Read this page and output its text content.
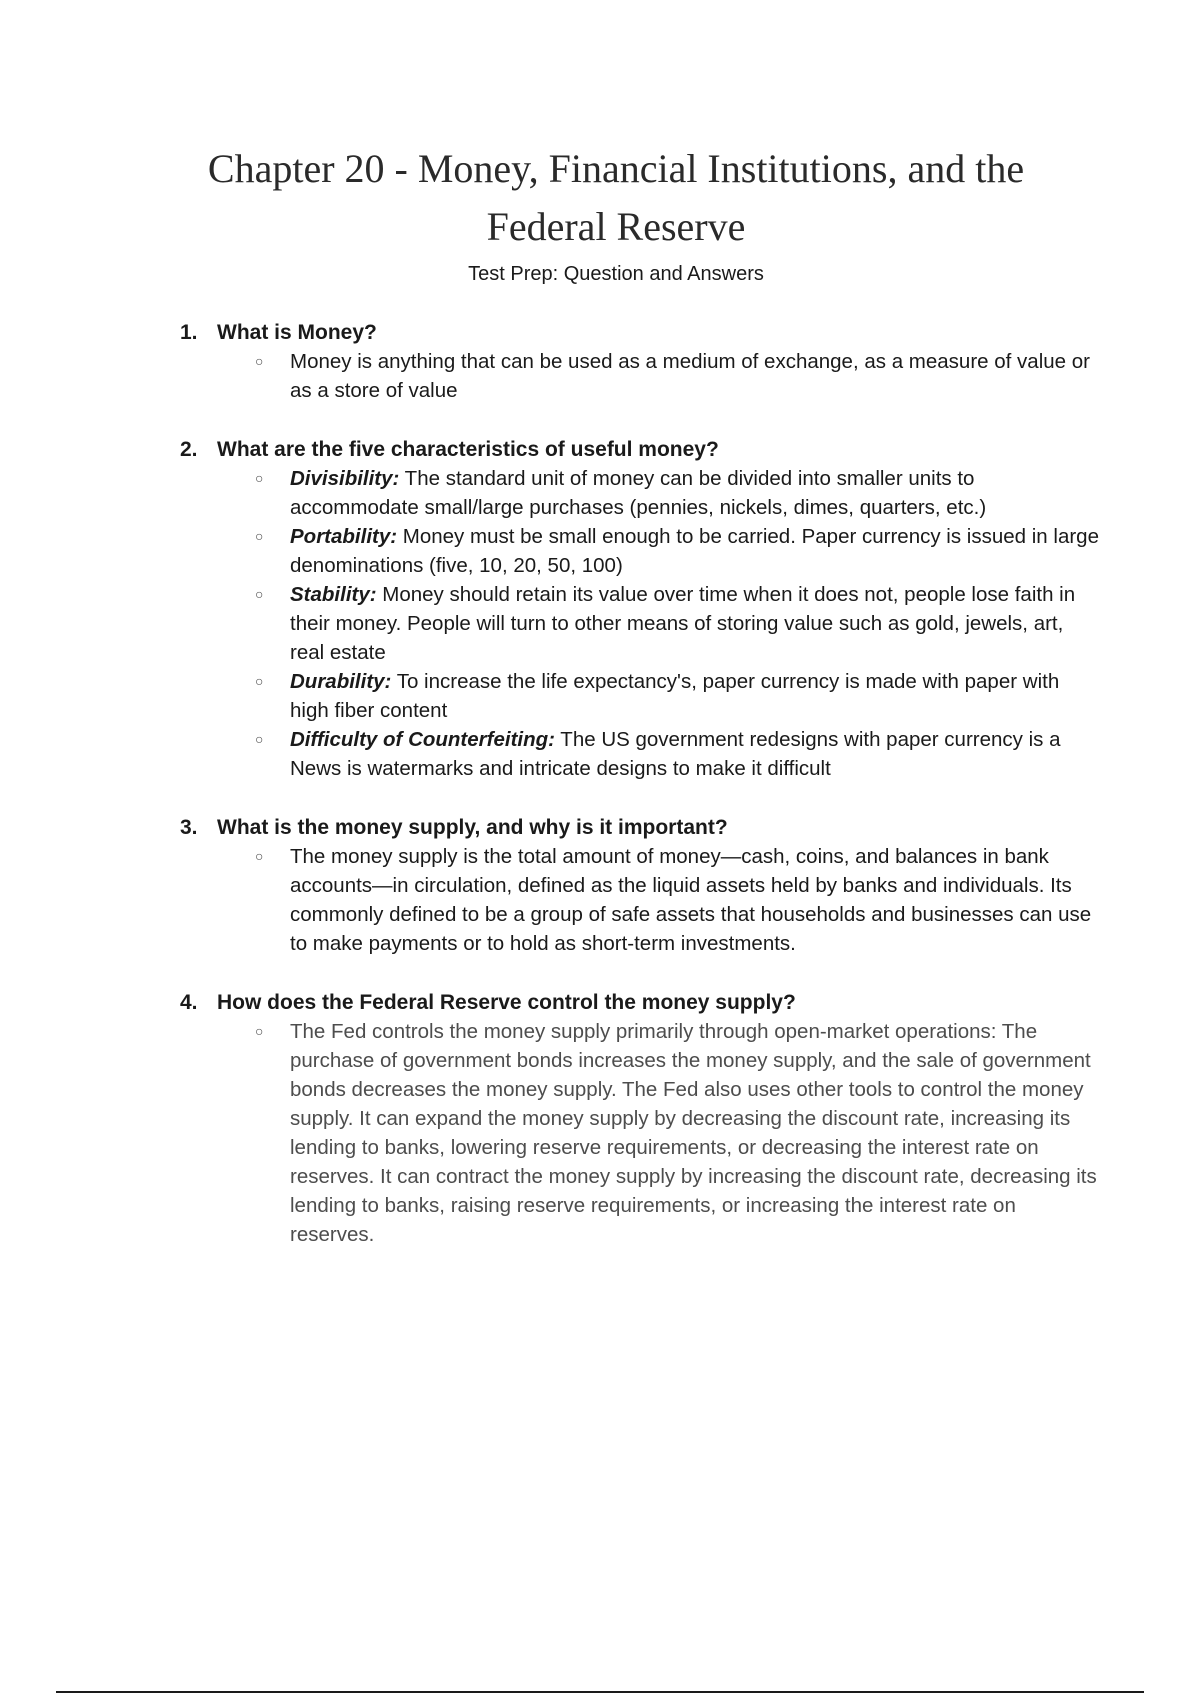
Chapter 20 - Money, Financial Institutions, and the Federal Reserve

Test Prep: Question and Answers

1. What is Money?
○ Money is anything that can be used as a medium of exchange, as a measure of value or as a store of value
2. What are the five characteristics of useful money?
○ Divisibility: The standard unit of money can be divided into smaller units to accommodate small/large purchases (pennies, nickels, dimes, quarters, etc.)
○ Portability: Money must be small enough to be carried. Paper currency is issued in large denominations (five, 10, 20, 50, 100)
○ Stability: Money should retain its value over time when it does not, people lose faith in their money. People will turn to other means of storing value such as gold, jewels, art, real estate
○ Durability: To increase the life expectancy's, paper currency is made with paper with high fiber content
○ Difficulty of Counterfeiting: The US government redesigns with paper currency is a News is watermarks and intricate designs to make it difficult
3. What is the money supply, and why is it important?
○ The money supply is the total amount of money—cash, coins, and balances in bank accounts—in circulation, defined as the liquid assets held by banks and individuals. Its commonly defined to be a group of safe assets that households and businesses can use to make payments or to hold as short-term investments.
4. How does the Federal Reserve control the money supply?
○ The Fed controls the money supply primarily through open-market operations: The purchase of government bonds increases the money supply, and the sale of government bonds decreases the money supply. The Fed also uses other tools to control the money supply. It can expand the money supply by decreasing the discount rate, increasing its lending to banks, lowering reserve requirements, or decreasing the interest rate on reserves. It can contract the money supply by increasing the discount rate, decreasing its lending to banks, raising reserve requirements, or increasing the interest rate on reserves.
